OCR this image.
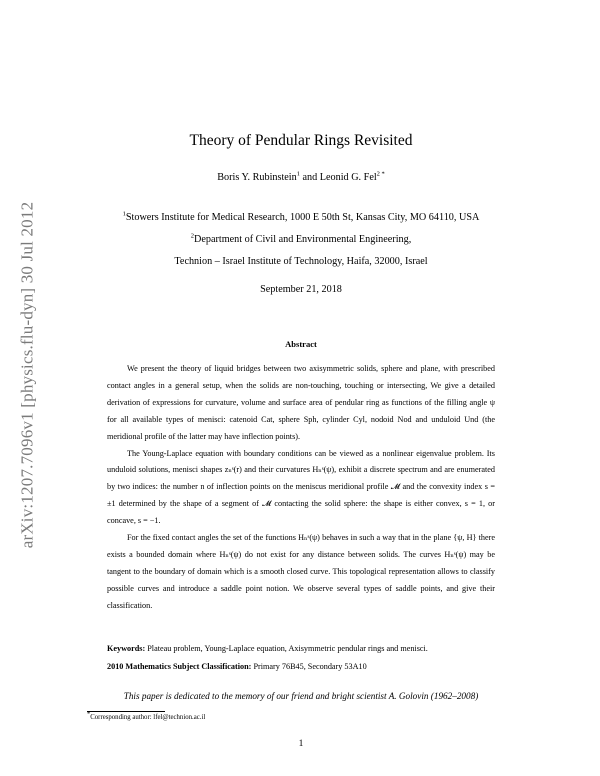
arXiv:1207.7096v1 [physics.flu-dyn] 30 Jul 2012
Theory of Pendular Rings Revisited
Boris Y. Rubinstein$^1$ and Leonid G. Fel$^{2 *}$
$^1$Stowers Institute for Medical Research, 1000 E 50th St, Kansas City, MO 64110, USA
$^2$Department of Civil and Environmental Engineering,
Technion – Israel Institute of Technology, Haifa, 32000, Israel
September 21, 2018
Abstract

We present the theory of liquid bridges between two axisymmetric solids, sphere and plane, with prescribed contact angles in a general setup, when the solids are non-touching, touching or intersecting, We give a detailed derivation of expressions for curvature, volume and surface area of pendular ring as functions of the filling angle ψ for all available types of menisci: catenoid Cat, sphere Sph, cylinder Cyl, nodoid Nod and unduloid Und (the meridional profile of the latter may have inflection points).

The Young-Laplace equation with boundary conditions can be viewed as a nonlinear eigenvalue problem. Its unduloid solutions, menisci shapes zₙˢ(r) and their curvatures Hₙˢ(ψ), exhibit a discrete spectrum and are enumerated by two indices: the number n of inflection points on the meniscus meridional profile 𝓜 and the convexity index s = ±1 determined by the shape of a segment of 𝓜 contacting the solid sphere: the shape is either convex, s = 1, or concave, s = −1.

For the fixed contact angles the set of the functions Hₙˢ(ψ) behaves in such a way that in the plane {ψ, H} there exists a bounded domain where Hₙˢ(ψ) do not exist for any distance between solids. The curves Hₙˢ(ψ) may be tangent to the boundary of domain which is a smooth closed curve. This topological representation allows to classify possible curves and introduce a saddle point notion. We observe several types of saddle points, and give their classification.

Keywords: Plateau problem, Young-Laplace equation, Axisymmetric pendular rings and menisci.
2010 Mathematics Subject Classification: Primary 76B45, Secondary 53A10
This paper is dedicated to the memory of our friend and bright scientist A. Golovin (1962–2008)
*Corresponding author: lfel@technion.ac.il
1
